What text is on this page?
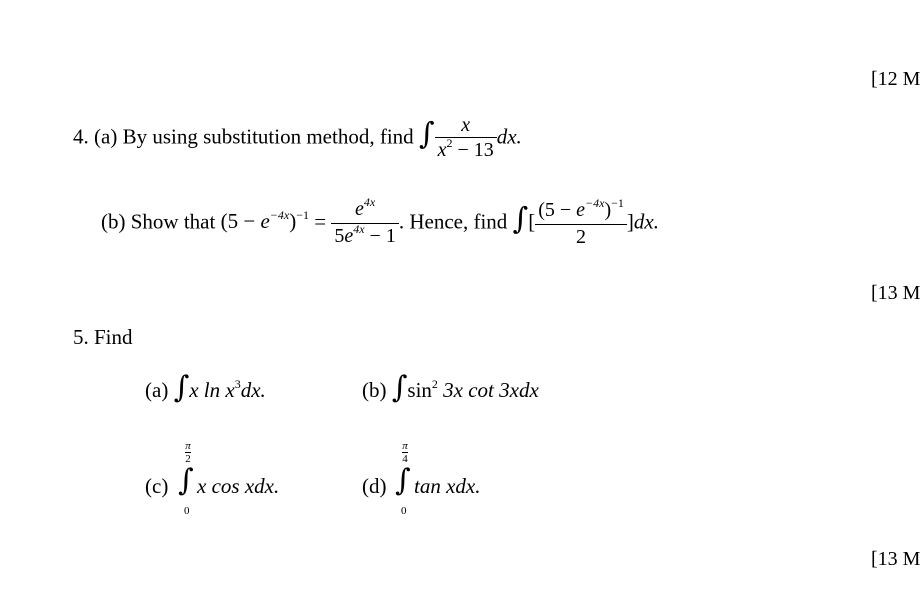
[12 M
[13 M
[13 M
4. (a) By using substitution method, find ∫ $\frac{x}{x^2 - 13}$ dx.
(b) Show that $(5 - e^{-4x})^{-1} = \frac{e^{4x}}{5e^{4x} - 1}$ . Hence, find ∫[ $\frac{(5 - e^{-4x})^{-1}}{2} ]dx$.
5. Find
(a) ∫x $\ln x^3dx$.	(b) $\int\sin^2$ 3x cot 3xdx
(c)
$\frac{\pi}{2}$
∫
0
x cos xdx.	(d)
$\frac{\pi}{4}$
∫
0
tan xdx.
